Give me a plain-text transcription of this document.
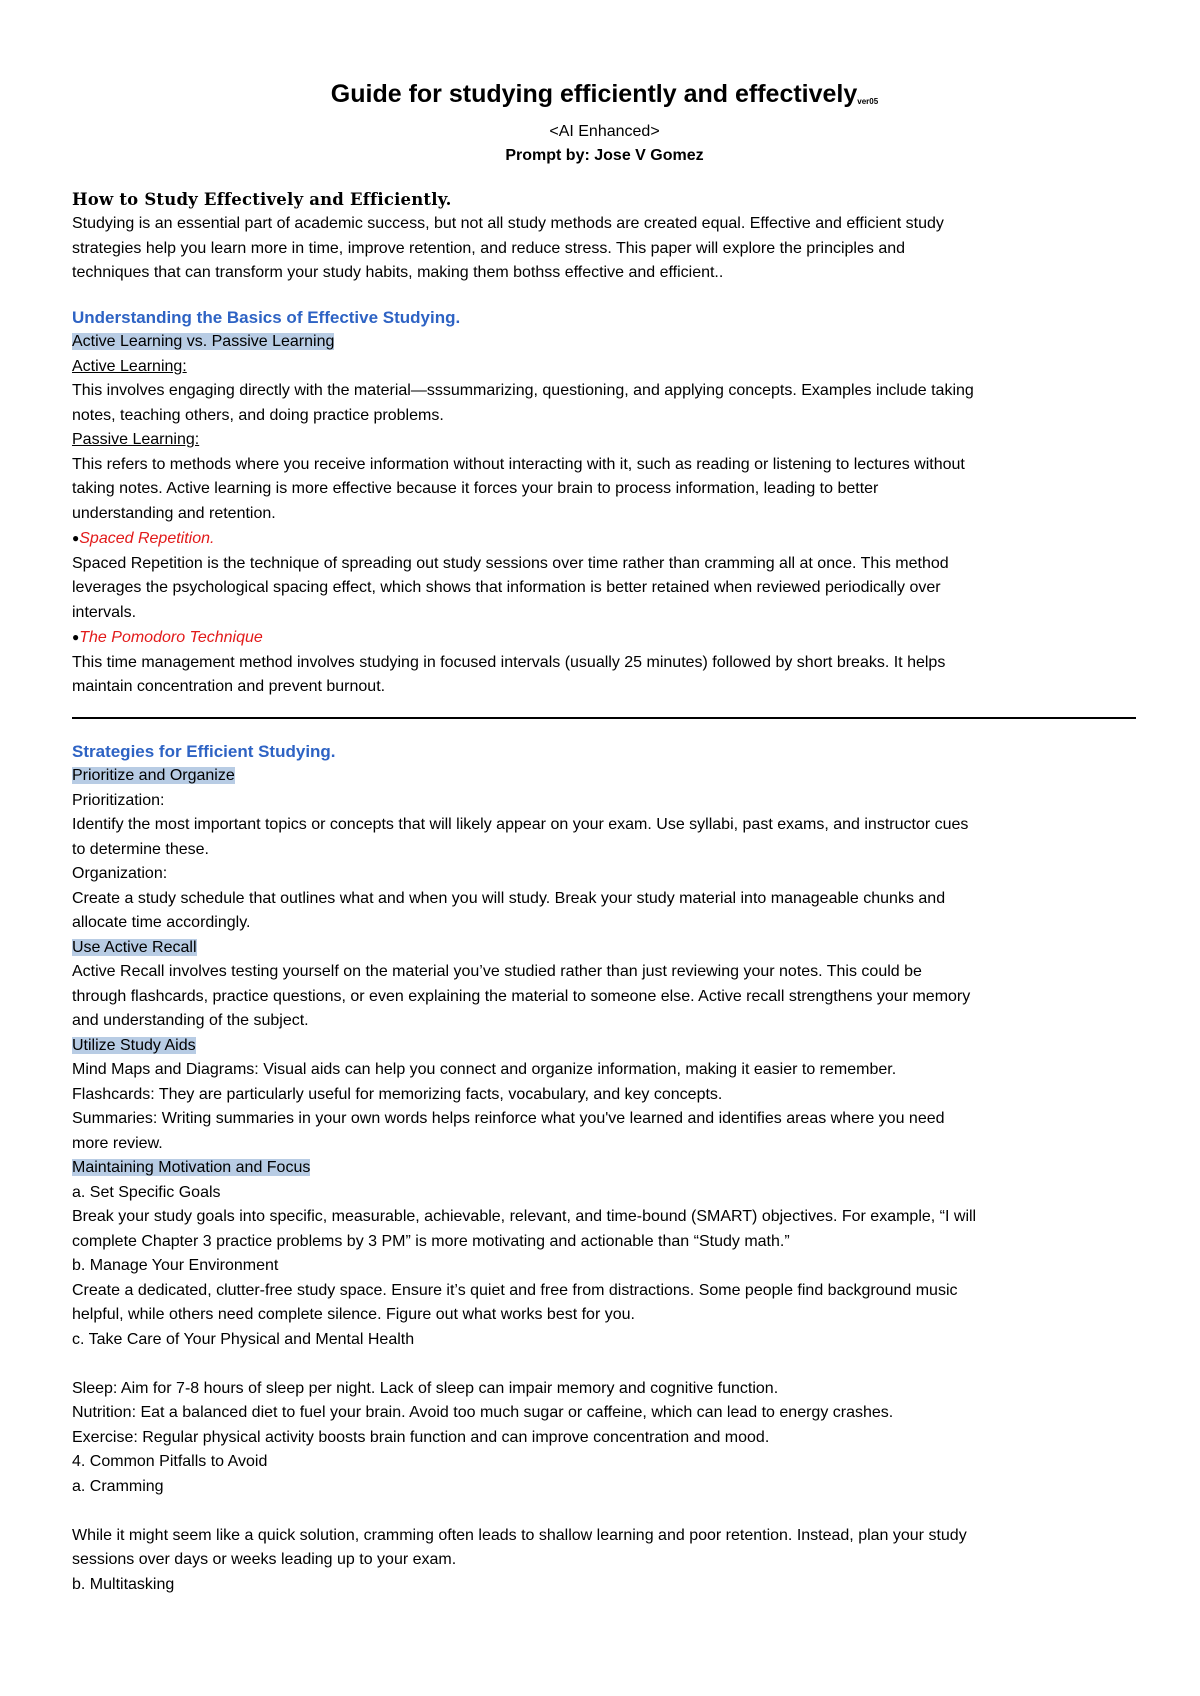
Guide for studying efficiently and effectively$^{ver05}$

<AI Enhanced>

Prompt by: Jose V Gomez

How to Study Effectively and Efficiently.

Studying is an essential part of academic success, but not all study methods are created equal. Effective and efficient study

strategies help you learn more in time, improve retention, and reduce stress. This paper will explore the principles and

techniques that can transform your study habits, making them bothss effective and efficient..

Understanding the Basics of Effective Studying.

Active Learning vs. Passive Learning

Active Learning:

This involves engaging directly with the material—sssummarizing, questioning, and applying concepts. Examples include taking

notes, teaching others, and doing practice problems.

Passive Learning:

This refers to methods where you receive information without interacting with it, such as reading or listening to lectures without

taking notes. Active learning is more effective because it forces your brain to process information, leading to better

understanding and retention.

●Spaced Repetition.

Spaced Repetition is the technique of spreading out study sessions over time rather than cramming all at once. This method

leverages the psychological spacing effect, which shows that information is better retained when reviewed periodically over

intervals.

●The Pomodoro Technique

This time management method involves studying in focused intervals (usually 25 minutes) followed by short breaks. It helps

maintain concentration and prevent burnout.

Strategies for Efficient Studying.

Prioritize and Organize

Prioritization:

Identify the most important topics or concepts that will likely appear on your exam. Use syllabi, past exams, and instructor cues

to determine these.

Organization:

Create a study schedule that outlines what and when you will study. Break your study material into manageable chunks and

allocate time accordingly.

Use Active Recall

Active Recall involves testing yourself on the material you’ve studied rather than just reviewing your notes. This could be

through flashcards, practice questions, or even explaining the material to someone else. Active recall strengthens your memory

and understanding of the subject.

Utilize Study Aids

Mind Maps and Diagrams: Visual aids can help you connect and organize information, making it easier to remember.

Flashcards: They are particularly useful for memorizing facts, vocabulary, and key concepts.

Summaries: Writing summaries in your own words helps reinforce what you've learned and identifies areas where you need

more review.

Maintaining Motivation and Focus

a. Set Specific Goals

Break your study goals into specific, measurable, achievable, relevant, and time-bound (SMART) objectives. For example, “I will

complete Chapter 3 practice problems by 3 PM” is more motivating and actionable than “Study math.”

b. Manage Your Environment

Create a dedicated, clutter-free study space. Ensure it’s quiet and free from distractions. Some people find background music

helpful, while others need complete silence. Figure out what works best for you.

c. Take Care of Your Physical and Mental Health

Sleep: Aim for 7-8 hours of sleep per night. Lack of sleep can impair memory and cognitive function.

Nutrition: Eat a balanced diet to fuel your brain. Avoid too much sugar or caffeine, which can lead to energy crashes.

Exercise: Regular physical activity boosts brain function and can improve concentration and mood.

4. Common Pitfalls to Avoid

a. Cramming

While it might seem like a quick solution, cramming often leads to shallow learning and poor retention. Instead, plan your study

sessions over days or weeks leading up to your exam.

b. Multitasking
